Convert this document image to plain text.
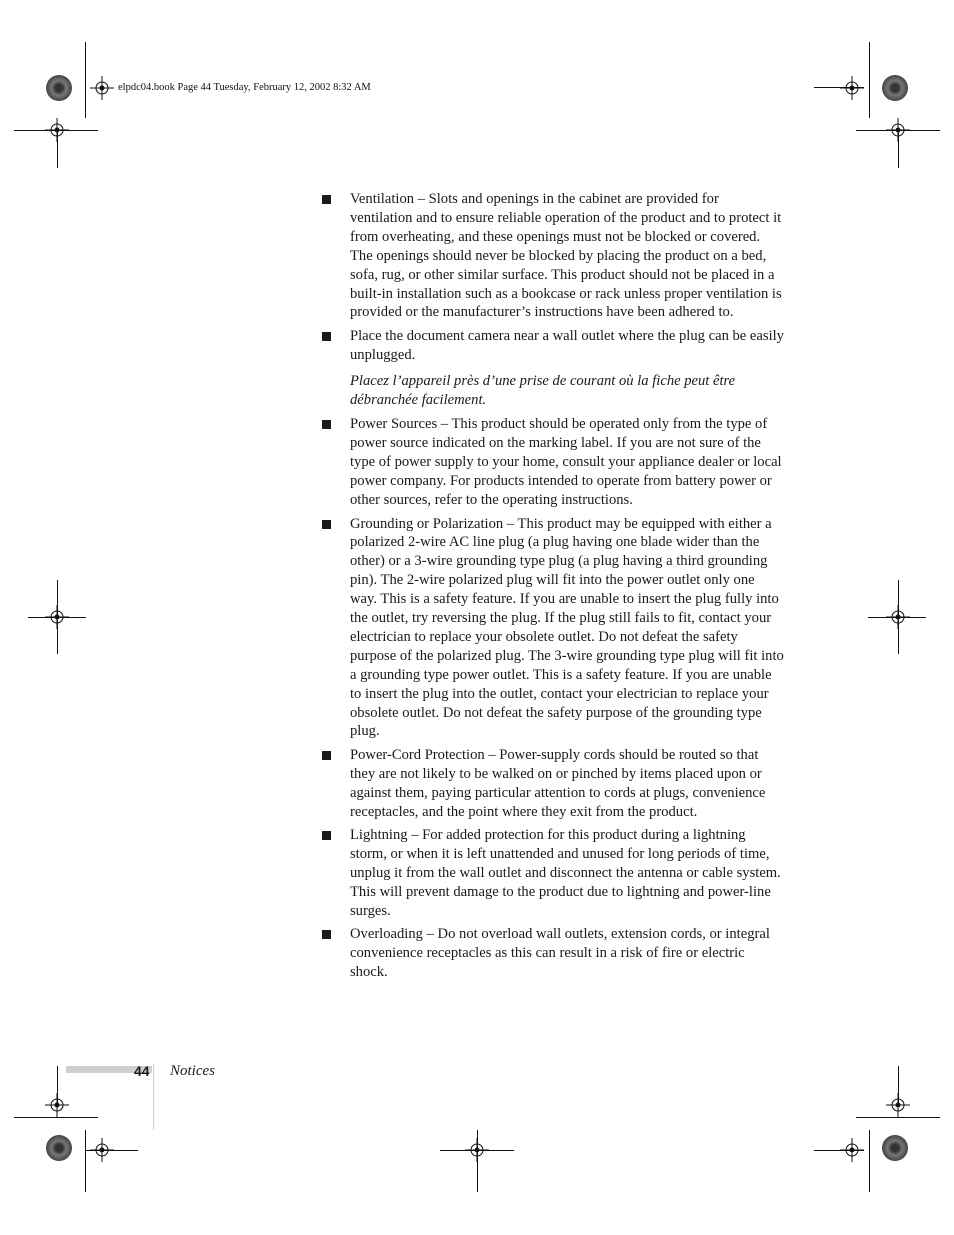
elpdc04.book Page 44 Tuesday, February 12, 2002 8:32 AM
Ventilation – Slots and openings in the cabinet are provided for ventilation and to ensure reliable operation of the product and to protect it from overheating, and these openings must not be blocked or covered. The openings should never be blocked by placing the product on a bed, sofa, rug, or other similar surface. This product should not be placed in a built-in installation such as a bookcase or rack unless proper ventilation is provided or the manufacturer’s instructions have been adhered to.
Place the document camera near a wall outlet where the plug can be easily unplugged.
Placez l’appareil près d’une prise de courant où la fiche peut être débranchée facilement.
Power Sources – This product should be operated only from the type of power source indicated on the marking label. If you are not sure of the type of power supply to your home, consult your appliance dealer or local power company. For products intended to operate from battery power or other sources, refer to the operating instructions.
Grounding or Polarization – This product may be equipped with either a polarized 2-wire AC line plug (a plug having one blade wider than the other) or a 3-wire grounding type plug (a plug having a third grounding pin). The 2-wire polarized plug will fit into the power outlet only one way. This is a safety feature. If you are unable to insert the plug fully into the outlet, try reversing the plug. If the plug still fails to fit, contact your electrician to replace your obsolete outlet. Do not defeat the safety purpose of the polarized plug. The 3-wire grounding type plug will fit into a grounding type power outlet. This is a safety feature. If you are unable to insert the plug into the outlet, contact your electrician to replace your obsolete outlet. Do not defeat the safety purpose of the grounding type plug.
Power-Cord Protection – Power-supply cords should be routed so that they are not likely to be walked on or pinched by items placed upon or against them, paying particular attention to cords at plugs, convenience receptacles, and the point where they exit from the product.
Lightning – For added protection for this product during a lightning storm, or when it is left unattended and unused for long periods of time, unplug it from the wall outlet and disconnect the antenna or cable system. This will prevent damage to the product due to lightning and power-line surges.
Overloading – Do not overload wall outlets, extension cords, or integral convenience receptacles as this can result in a risk of fire or electric shock.
44 Notices
